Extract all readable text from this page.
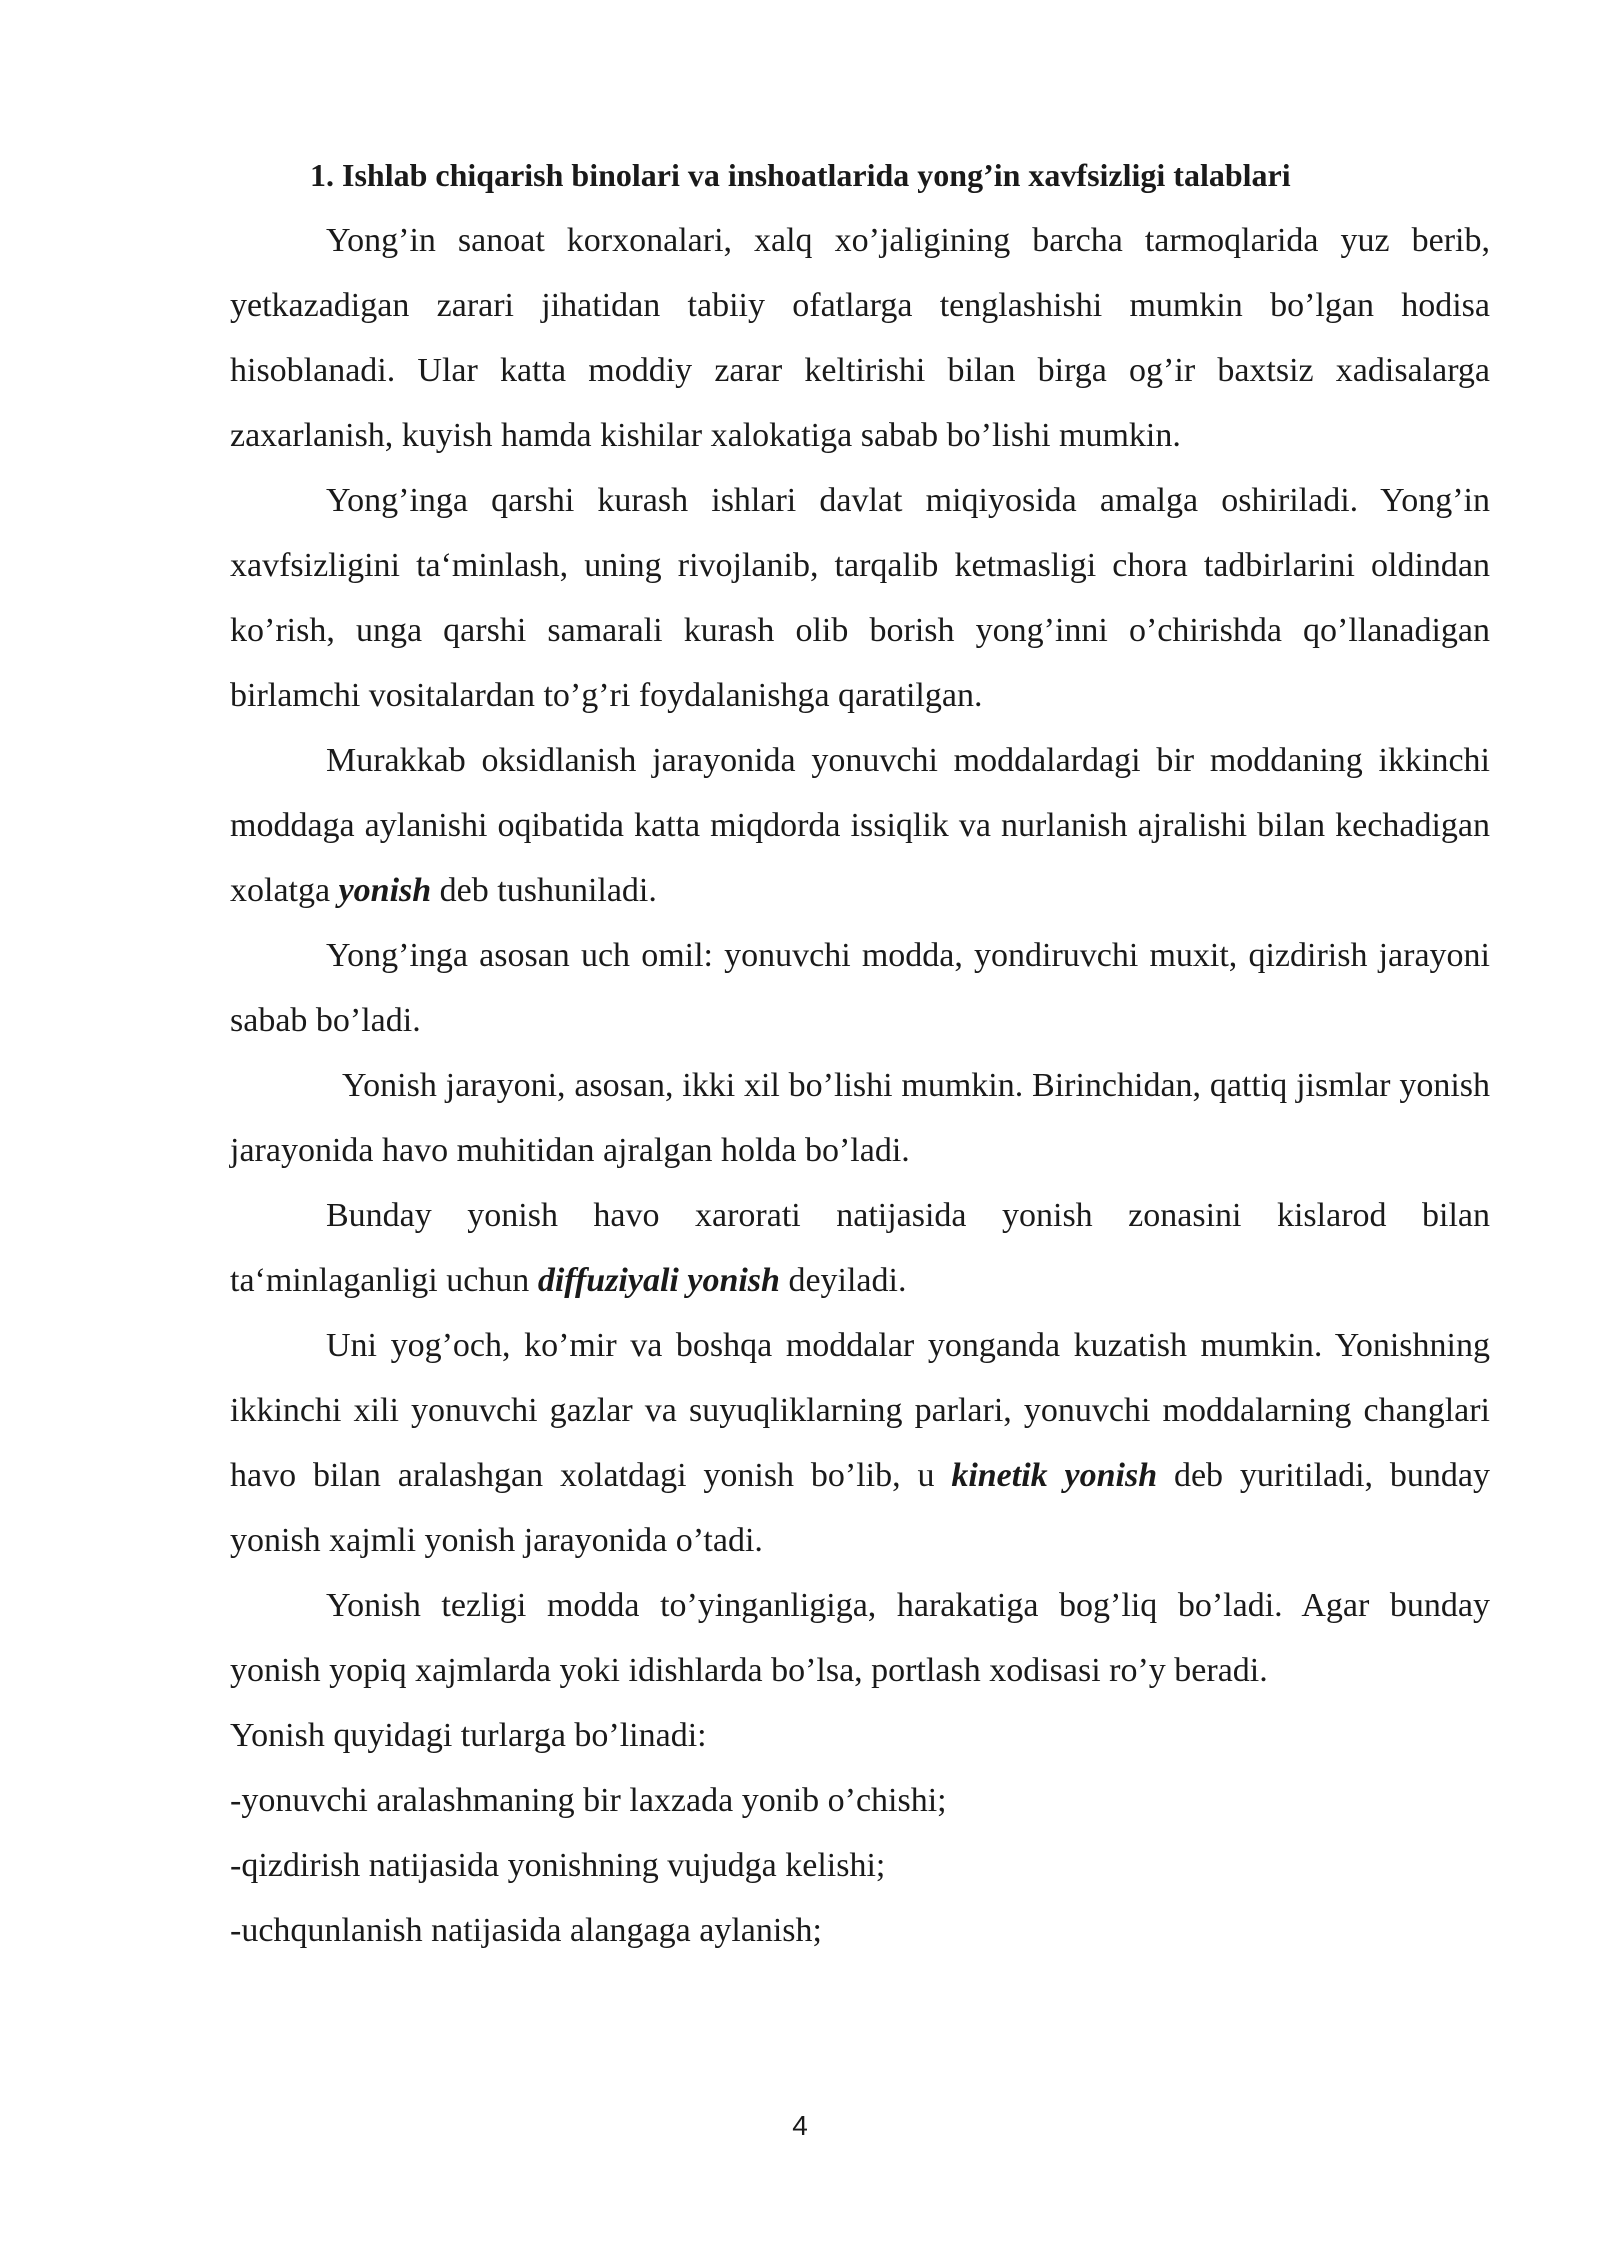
1. Ishlab chiqarish binolari va inshoatlarida yong’in xavfsizligi talablari

Yong’in sanoat korxonalari, xalq xo’jaligining barcha tarmoqlarida yuz berib, yetkazadigan zarari jihatidan tabiiy ofatlarga tenglashishi mumkin bo’lgan hodisa hisoblanadi. Ular katta moddiy zarar keltirishi bilan birga og’ir baxtsiz xadisalarga zaxarlanish, kuyish hamda kishilar xalokatiga sabab bo’lishi mumkin.

Yong’inga qarshi kurash ishlari davlat miqiyosida amalga oshiriladi. Yong’in xavfsizligini ta‘minlash, uning rivojlanib, tarqalib ketmasligi chora tadbirlarini oldindan ko’rish, unga qarshi samarali kurash olib borish yong’inni o’chirishda qo’llanadigan birlamchi vositalardan to’g’ri foydalanishga qaratilgan.

Murakkab oksidlanish jarayonida yonuvchi moddalardagi bir moddaning ikkinchi moddaga aylanishi oqibatida katta miqdorda issiqlik va nurlanish ajralishi bilan kechadigan xolatga yonish deb tushuniladi.

Yong’inga asosan uch omil: yonuvchi modda, yondiruvchi muxit, qizdirish jarayoni sabab bo’ladi.

Yonish jarayoni, asosan, ikki xil bo’lishi mumkin. Birinchidan, qattiq jismlar yonish jarayonida havo muhitidan ajralgan holda bo’ladi.

Bunday yonish havo xarorati natijasida yonish zonasini kislarod bilan ta‘minlaganligi uchun diffuziyali yonish deyiladi.

Uni yog’och, ko’mir va boshqa moddalar yonganda kuzatish mumkin. Yonishning ikkinchi xili yonuvchi gazlar va suyuqliklarning parlari, yonuvchi moddalarning changlari havo bilan aralashgan xolatdagi yonish bo’lib, u kinetik yonish deb yuritiladi, bunday yonish xajmli yonish jarayonida o’tadi.

Yonish tezligi modda to’yinganligiga, harakatiga bog’liq bo’ladi. Agar bunday yonish yopiq xajmlarda yoki idishlarda bo’lsa, portlash xodisasi ro’y beradi.

Yonish quyidagi turlarga bo’linadi:

-yonuvchi aralashmaning bir laxzada yonib o’chishi;

-qizdirish natijasida yonishning vujudga kelishi;

-uchqunlanish natijasida alangaga aylanish;

4
